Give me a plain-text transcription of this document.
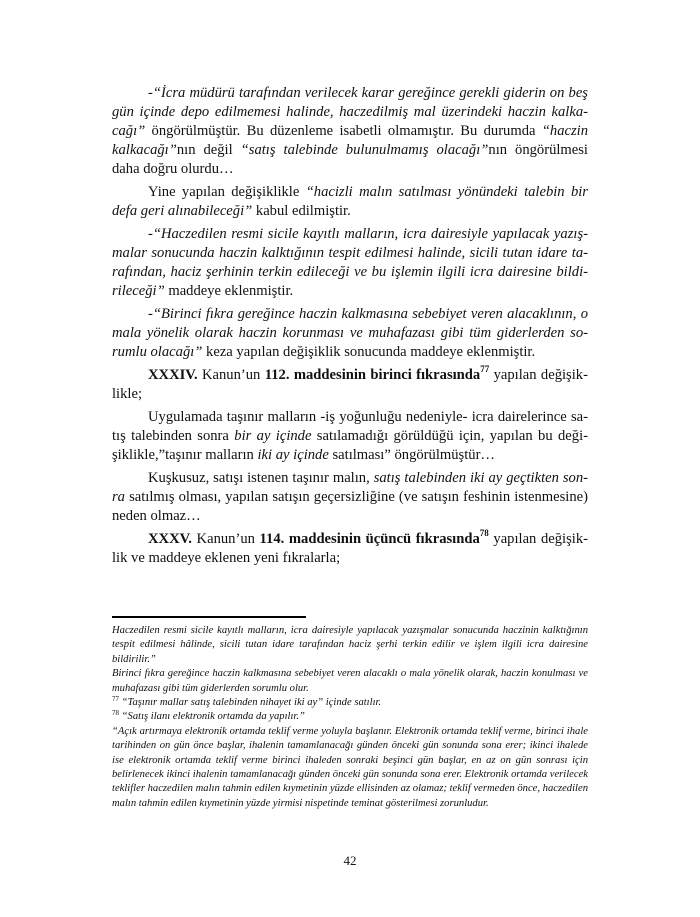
-“İcra müdürü tarafından verilecek karar gereğince gerekli giderin on beş gün içinde depo edilmemesi halinde, haczedilmiş mal üzerindeki haczin kalkacağı” öngörülmüştür. Bu düzenleme isabetli olmamıştır. Bu durumda “haczin kalkacağı”nın değil “satış talebinde bulunulmamış olacağı”nın öngörülmesi daha doğru olurdu…

Yine yapılan değişiklikle “hacizli malın satılması yönündeki talebin bir defa geri alınabileceği” kabul edilmiştir.

-“Haczedilen resmi sicile kayıtlı malların, icra dairesiyle yapılacak yazışmalar sonucunda haczin kalktığının tespit edilmesi halinde, sicili tutan idare tarafından, haciz şerhinin terkin edileceği ve bu işlemin ilgili icra dairesine bildirileceği” maddeye eklenmiştir.

-“Birinci fıkra gereğince haczin kalkmasına sebebiyet veren alacaklının, o mala yönelik olarak haczin korunması ve muhafazası gibi tüm giderlerden sorumlu olacağı” keza yapılan değişiklik sonucunda maddeye eklenmiştir.

XXXIV. Kanun’un 112. maddesinin birinci fıkrasında$^{77}$ yapılan değişiklikle;

Uygulamada taşınır malların -iş yoğunluğu nedeniyle- icra dairelerince satış talebinden sonra bir ay içinde satılamadığı görüldüğü için, yapılan bu değişiklikle,”taşınır malların iki ay içinde satılması” öngörülmüştür…

Kuşkusuz, satışı istenen taşınır malın, satış talebinden iki ay geçtikten sonra satılmış olması, yapılan satışın geçersizliğine (ve satışın feshinin istenmesine) neden olmaz…

XXXV. Kanun’un 114. maddesinin üçüncü fıkrasında$^{78}$ yapılan değişiklik ve maddeye eklenen yeni fıkralarla;

Haczedilen resmi sicile kayıtlı malların, icra dairesiyle yapılacak yazışmalar sonucunda haczinin kalktığının tespit edilmesi hâlinde, sicili tutan idare tarafından haciz şerhi terkin edilir ve işlem ilgili icra dairesine bildirilir.”

Birinci fıkra gereğince haczin kalkmasına sebebiyet veren alacaklı o mala yönelik olarak, haczin konulması ve muhafazası gibi tüm giderlerden sorumlu olur.

$^{77}$ “Taşınır mallar satış talebinden nihayet iki ay” içinde satılır.

$^{78}$ “Satış ilanı elektronik ortamda da yapılır.”

“Açık artırmaya elektronik ortamda teklif verme yoluyla başlanır. Elektronik ortamda teklif verme, birinci ihale tarihinden on gün önce başlar, ihalenin tamamlanacağı günden önceki gün sonunda sona erer; ikinci ihalede ise elektronik ortamda teklif verme birinci ihaleden sonraki beşinci gün başlar, en az on gün sonrası için belirlenecek ikinci ihalenin tamamlanacağı günden önceki gün sonunda sona erer. Elektronik ortamda verilecek teklifler haczedilen malın tahmin edilen kıymetinin yüzde ellisinden az olamaz; teklif vermeden önce, haczedilen malın tahmin edilen kıymetinin yüzde yirmisi nispetinde teminat gösterilmesi zorunludur.

42
